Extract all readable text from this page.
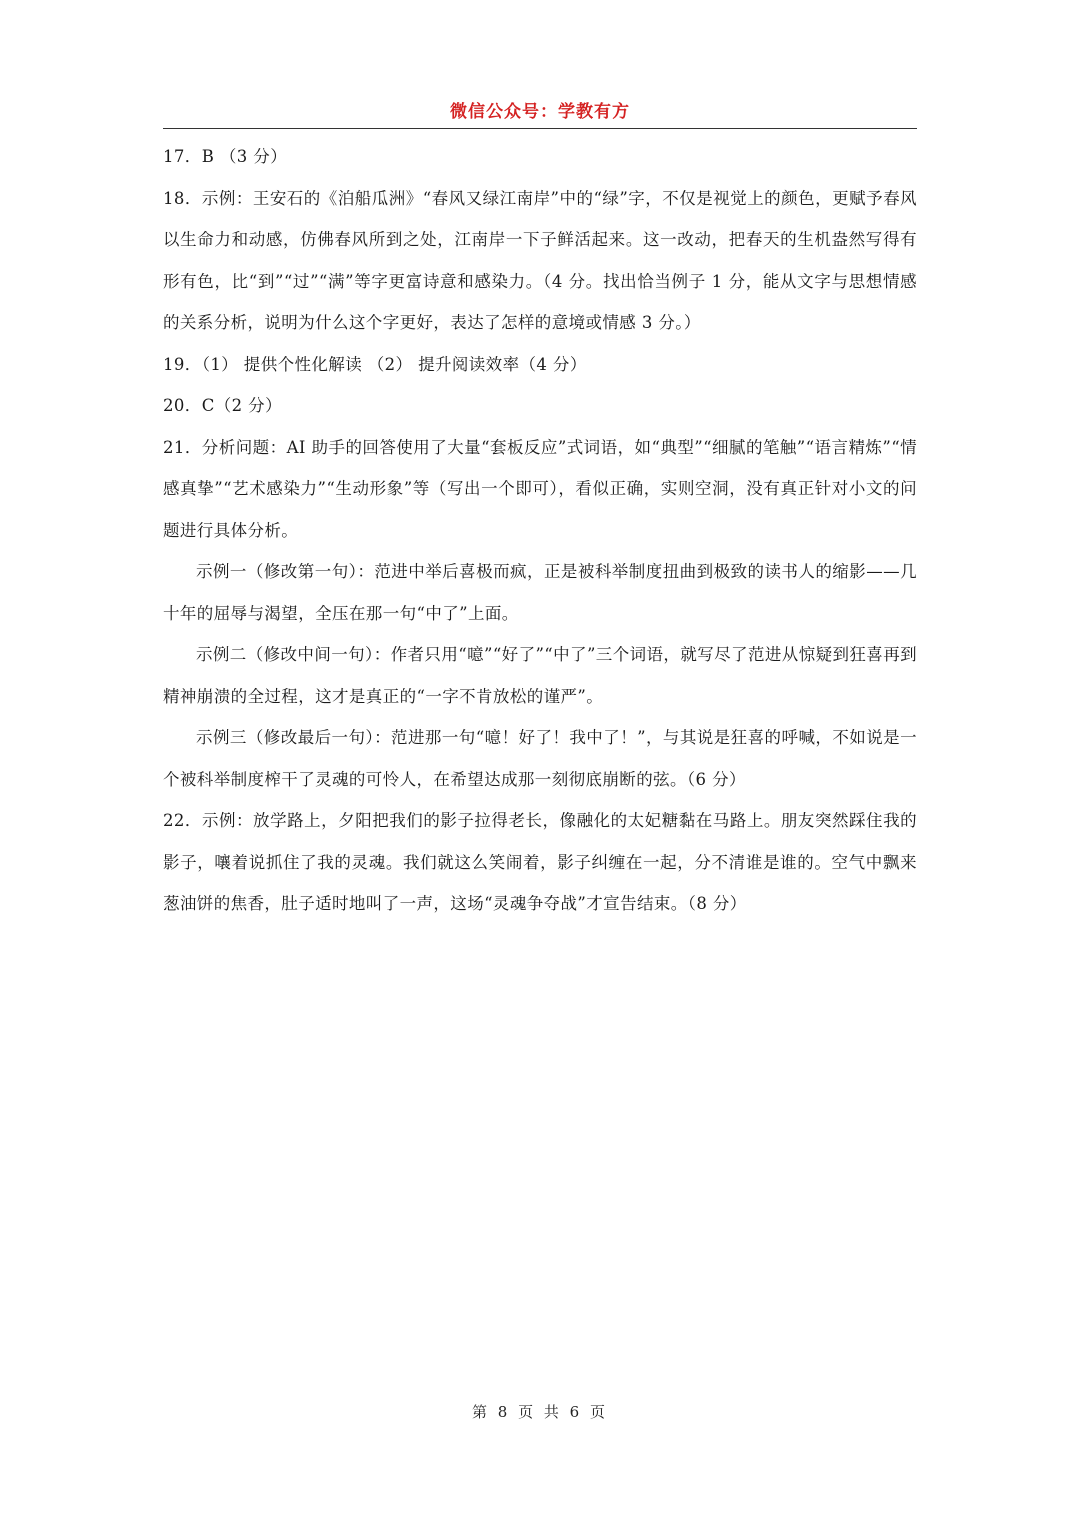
微信公众号：学教有方

17．B （3 分）

18．示例：王安石的《泊船瓜洲》“春风又绿江南岸”中的“绿”字，不仅是视觉上的颜色，更赋予春风以生命力和动感，仿佛春风所到之处，江南岸一下子鲜活起来。这一改动，把春天的生机盎然写得有形有色，比“到”“过”“满”等字更富诗意和感染力。（4 分。找出恰当例子 1 分，能从文字与思想情感的关系分析，说明为什么这个字更好，表达了怎样的意境或情感 3 分。）

19．（1） 提供个性化解读 （2） 提升阅读效率（4 分）

20．C（2 分）

21．分析问题：AI 助手的回答使用了大量“套板反应”式词语，如“典型”“细腻的笔触”“语言精炼”“情感真挚”“艺术感染力”“生动形象”等（写出一个即可），看似正确，实则空洞，没有真正针对小文的问题进行具体分析。

示例一（修改第一句）：范进中举后喜极而疯，正是被科举制度扭曲到极致的读书人的缩影——几十年的屈辱与渴望，全压在那一句“中了”上面。

示例二（修改中间一句）：作者只用“噫”“好了”“中了”三个词语，就写尽了范进从惊疑到狂喜再到精神崩溃的全过程，这才是真正的“一字不肯放松的谨严”。

示例三（修改最后一句）：范进那一句“噫！好了！我中了！”，与其说是狂喜的呼喊，不如说是一个被科举制度榨干了灵魂的可怜人，在希望达成那一刻彻底崩断的弦。（6 分）

22．示例：放学路上，夕阳把我们的影子拉得老长，像融化的太妃糖黏在马路上。朋友突然踩住我的影子，嚷着说抓住了我的灵魂。我们就这么笑闹着，影子纠缠在一起，分不清谁是谁的。空气中飘来葱油饼的焦香，肚子适时地叫了一声，这场“灵魂争夺战”才宣告结束。（8 分）

第 8 页 共 6 页
